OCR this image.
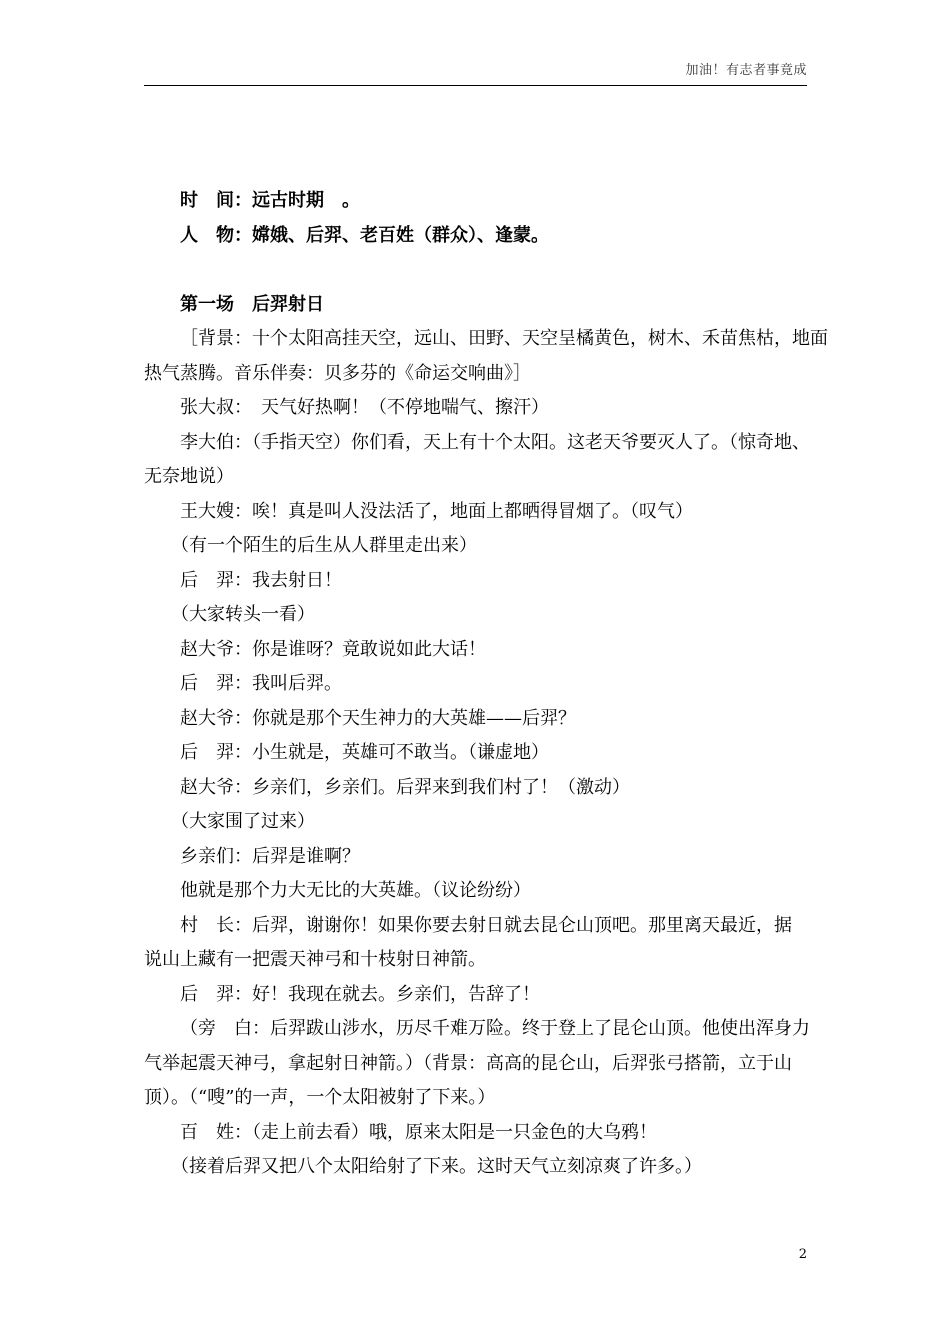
加油！有志者事竟成
时　间：远古时期　。
人　物：嫦娥、后羿、老百姓（群众）、逢蒙。
第一场　后羿射日
［背景：十个太阳高挂天空，远山、田野、天空呈橘黄色，树木、禾苗焦枯，地面
热气蒸腾。音乐伴奏：贝多芬的《命运交响曲》］
张大叔：　天气好热啊！（不停地喘气、擦汗）
李大伯：（手指天空）你们看，天上有十个太阳。这老天爷要灭人了。（惊奇地、
无奈地说）
王大嫂：唉！真是叫人没法活了，地面上都晒得冒烟了。（叹气）
（有一个陌生的后生从人群里走出来）
后　羿：我去射日！
（大家转头一看）
赵大爷：你是谁呀？竟敢说如此大话！
后　羿：我叫后羿。
赵大爷：你就是那个天生神力的大英雄——后羿？
后　羿：小生就是，英雄可不敢当。（谦虚地）
赵大爷：乡亲们，乡亲们。后羿来到我们村了！（激动）
（大家围了过来）
乡亲们：后羿是谁啊？
他就是那个力大无比的大英雄。（议论纷纷）
村　长：后羿，谢谢你！如果你要去射日就去昆仑山顶吧。那里离天最近，据
说山上藏有一把震天神弓和十枝射日神箭。
后　羿：好！我现在就去。乡亲们，告辞了！
（旁　白：后羿跋山涉水，历尽千难万险。终于登上了昆仑山顶。他使出浑身力
气举起震天神弓，拿起射日神箭。）（背景：高高的昆仑山，后羿张弓搭箭，立于山
顶）。（“嗖”的一声，一个太阳被射了下来。）
百　姓：（走上前去看）哦，原来太阳是一只金色的大乌鸦！
（接着后羿又把八个太阳给射了下来。这时天气立刻凉爽了许多。）
2
